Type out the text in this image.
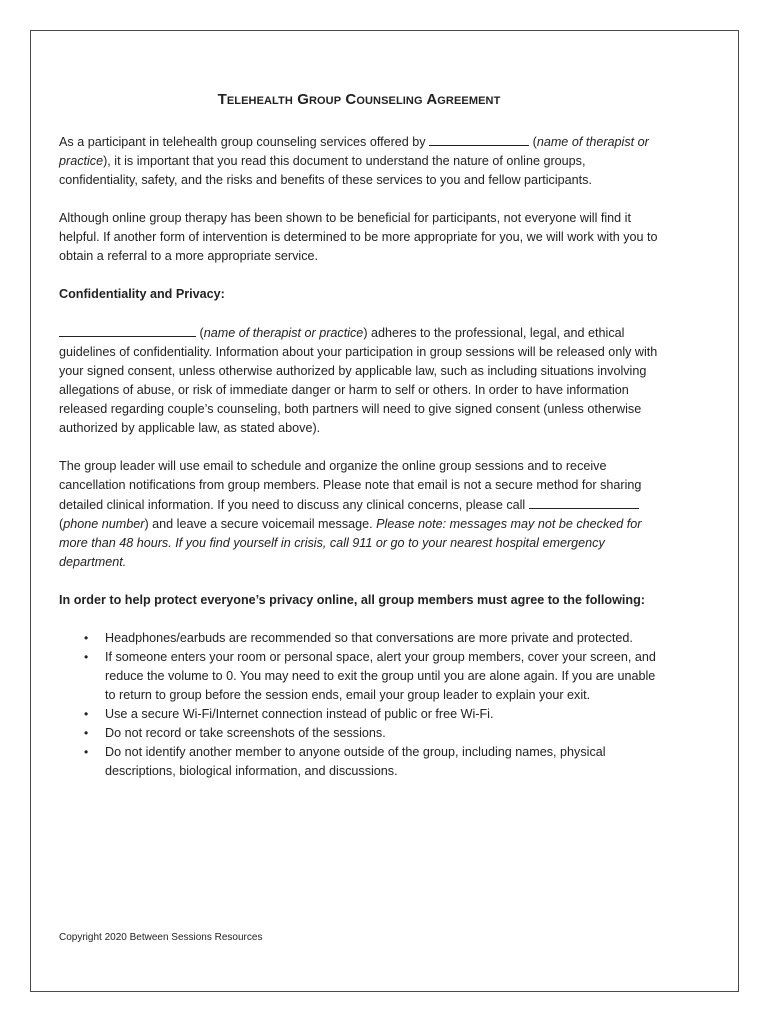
Telehealth Group Counseling Agreement

As a participant in telehealth group counseling services offered by	(name of therapist or practice), it is important that you read this document to understand the nature of online groups, confidentiality, safety, and the risks and benefits of these services to you and fellow participants.

Although online group therapy has been shown to be beneficial for participants, not everyone will find it helpful. If another form of intervention is determined to be more appropriate for you, we will work with you to obtain a referral to a more appropriate service.

Confidentiality and Privacy:

(name of therapist or practice) adheres to the professional, legal, and ethical guidelines of confidentiality. Information about your participation in group sessions will be released only with your signed consent, unless otherwise authorized by applicable law, such as including situations involving allegations of abuse, or risk of immediate danger or harm to self or others. In order to have information released regarding couple’s counseling, both partners will need to give signed consent (unless otherwise authorized by applicable law, as stated above).

The group leader will use email to schedule and organize the online group sessions and to receive cancellation notifications from group members. Please note that email is not a secure method for sharing detailed clinical information. If you need to discuss any clinical concerns, please call  (phone number) and leave a secure voicemail message. Please note: messages may not be checked for more than 48 hours. If you find yourself in crisis, call 911 or go to your nearest hospital emergency department.

In order to help protect everyone’s privacy online, all group members must agree to the following:

• Headphones/earbuds are recommended so that conversations are more private and protected.
• If someone enters your room or personal space, alert your group members, cover your screen, and reduce the volume to 0. You may need to exit the group until you are alone again. If you are unable to return to group before the session ends, email your group leader to explain your exit.
• Use a secure Wi-Fi/Internet connection instead of public or free Wi-Fi.
• Do not record or take screenshots of the sessions.
• Do not identify another member to anyone outside of the group, including names, physical descriptions, biological information, and discussions.
Copyright 2020 Between Sessions Resources
